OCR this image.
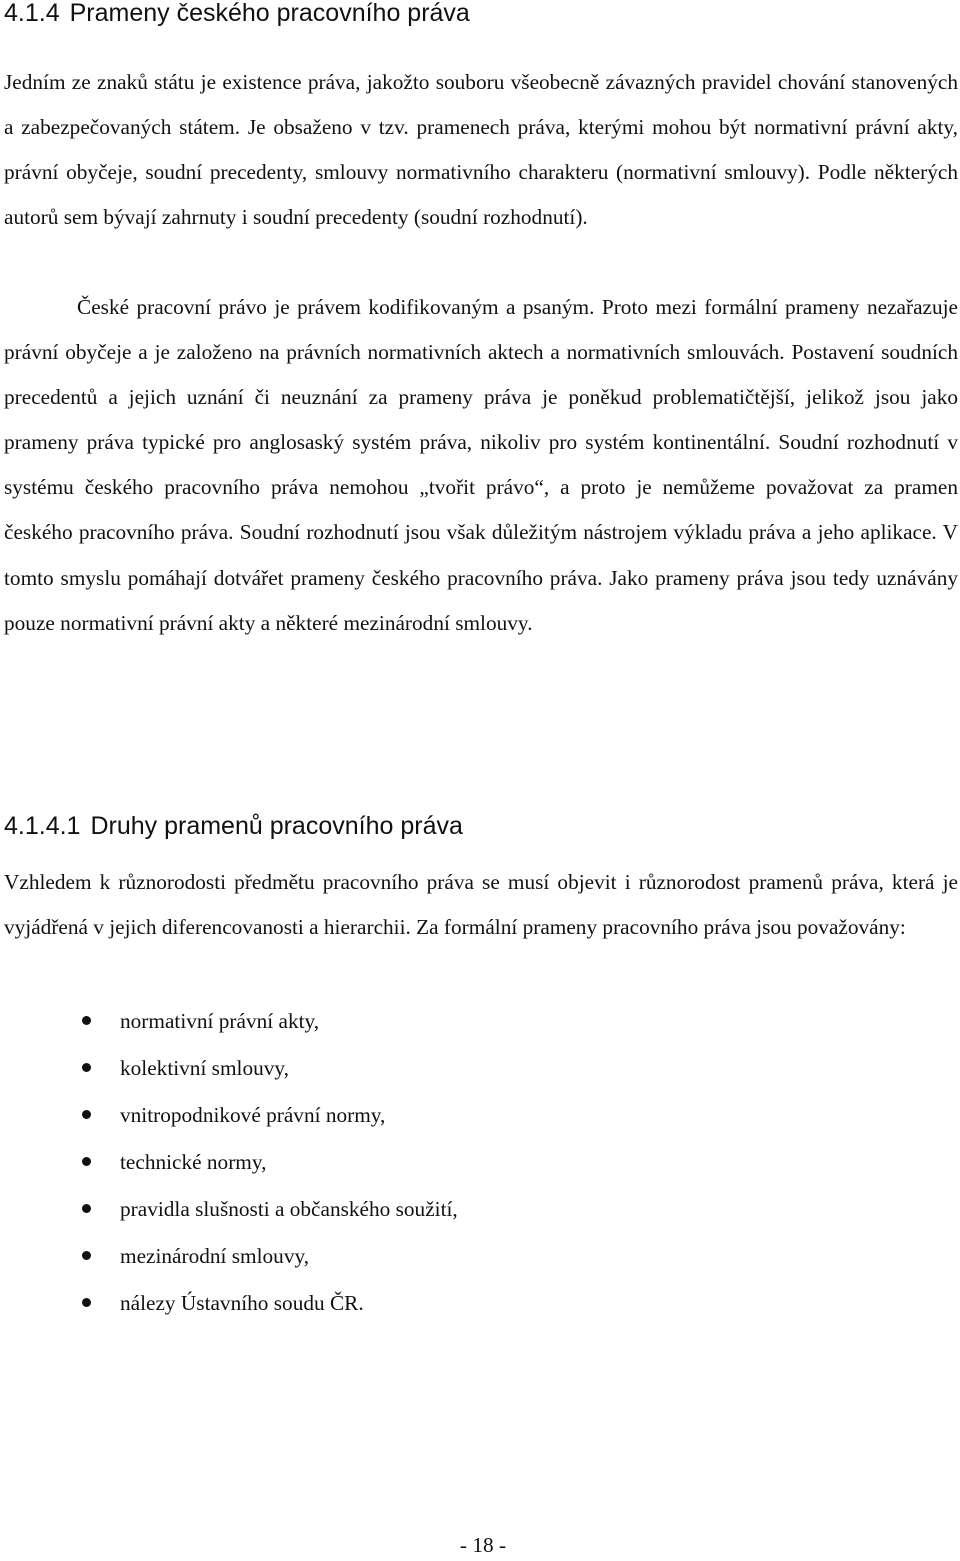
4.1.4 Prameny českého pracovního práva

Jedním ze znaků státu je existence práva, jakožto souboru všeobecně závazných pravidel chování stanovených a zabezpečovaných státem. Je obsaženo v tzv. pramenech práva, kterými mohou být normativní právní akty, právní obyčeje, soudní precedenty, smlouvy normativního charakteru (normativní smlouvy). Podle některých autorů sem bývají zahrnuty i soudní precedenty (soudní rozhodnutí).

České pracovní právo je právem kodifikovaným a psaným. Proto mezi formální prameny nezařazuje právní obyčeje a je založeno na právních normativních aktech a normativních smlouvách. Postavení soudních precedentů a jejich uznání či neuznání za prameny práva je poněkud problematičtější, jelikož jsou jako prameny práva typické pro anglosaský systém práva, nikoliv pro systém kontinentální. Soudní rozhodnutí v systému českého pracovního práva nemohou „tvořit právo“, a proto je nemůžeme považovat za pramen českého pracovního práva. Soudní rozhodnutí jsou však důležitým nástrojem výkladu práva a jeho aplikace. V tomto smyslu pomáhají dotvářet prameny českého pracovního práva. Jako prameny práva jsou tedy uznávány pouze normativní právní akty a některé mezinárodní smlouvy.

4.1.4.1 Druhy pramenů pracovního práva

Vzhledem k různorodosti předmětu pracovního práva se musí objevit i různorodost pramenů práva, která je vyjádřená v jejich diferencovanosti a hierarchii. Za formální prameny pracovního práva jsou považovány:

normativní právní akty,
kolektivní smlouvy,
vnitropodnikové právní normy,
technické normy,
pravidla slušnosti a občanského soužití,
mezinárodní smlouvy,
nálezy Ústavního soudu ČR.
- 18 -
